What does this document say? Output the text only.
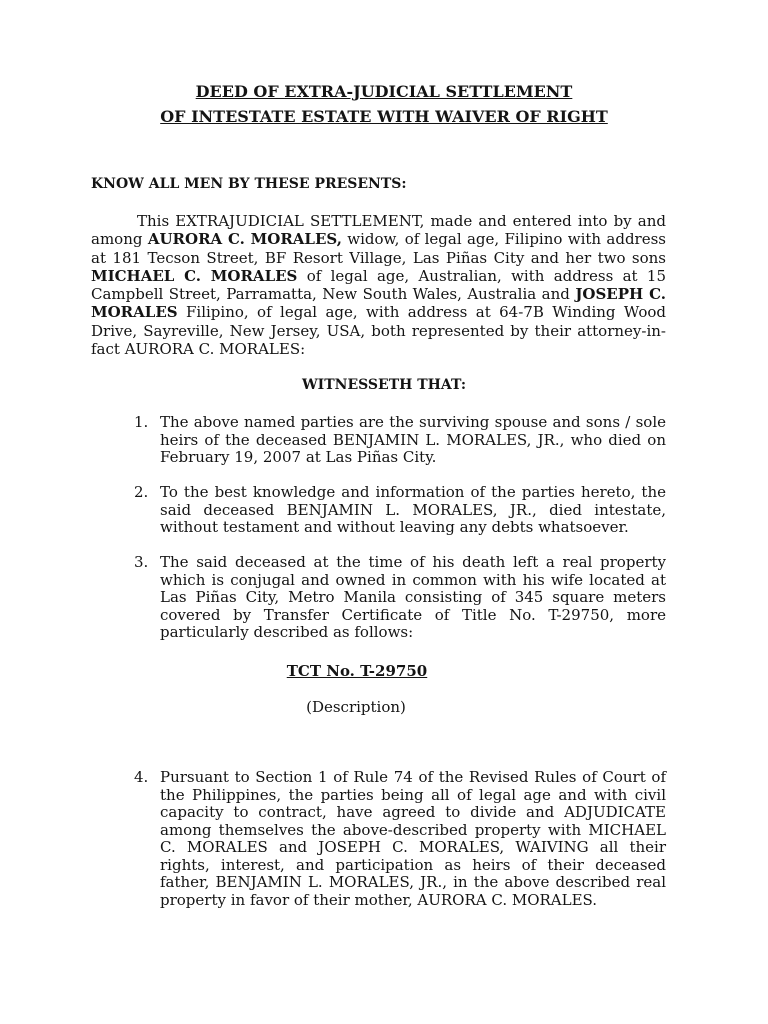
DEED OF EXTRA-JUDICIAL SETTLEMENT
OF INTESTATE ESTATE WITH WAIVER OF RIGHT
KNOW ALL MEN BY THESE PRESENTS:
This EXTRAJUDICIAL SETTLEMENT, made and entered into by and among AURORA C. MORALES, widow, of legal age, Filipino with address at 181 Tecson Street, BF Resort Village, Las Piñas City and her two sons MICHAEL C. MORALES of legal age, Australian, with address at 15 Campbell Street, Parramatta, New South Wales, Australia and JOSEPH C. MORALES Filipino, of legal age, with address at 64-7B Winding Wood Drive, Sayreville, New Jersey, USA, both represented by their attorney-in-fact AURORA C. MORALES:
WITNESSETH THAT:
1. The above named parties are the surviving spouse and sons / sole heirs of the deceased BENJAMIN L. MORALES, JR., who died on February 19, 2007 at Las Piñas City.
2. To the best knowledge and information of the parties hereto, the said deceased BENJAMIN L. MORALES, JR., died intestate, without testament and without leaving any debts whatsoever.
3. The said deceased at the time of his death left a real property which is conjugal and owned in common with his wife located at Las Piñas City, Metro Manila consisting of 345 square meters covered by Transfer Certificate of Title No. T-29750, more particularly described as follows:
TCT No. T-29750
(Description)
4. Pursuant to Section 1 of Rule 74 of the Revised Rules of Court of the Philippines, the parties being all of legal age and with civil capacity to contract, have agreed to divide and ADJUDICATE among themselves the above-described property with MICHAEL C. MORALES and JOSEPH C. MORALES, WAIVING all their rights, interest, and participation as heirs of their deceased father, BENJAMIN L. MORALES, JR., in the above described real property in favor of their mother, AURORA C. MORALES.
